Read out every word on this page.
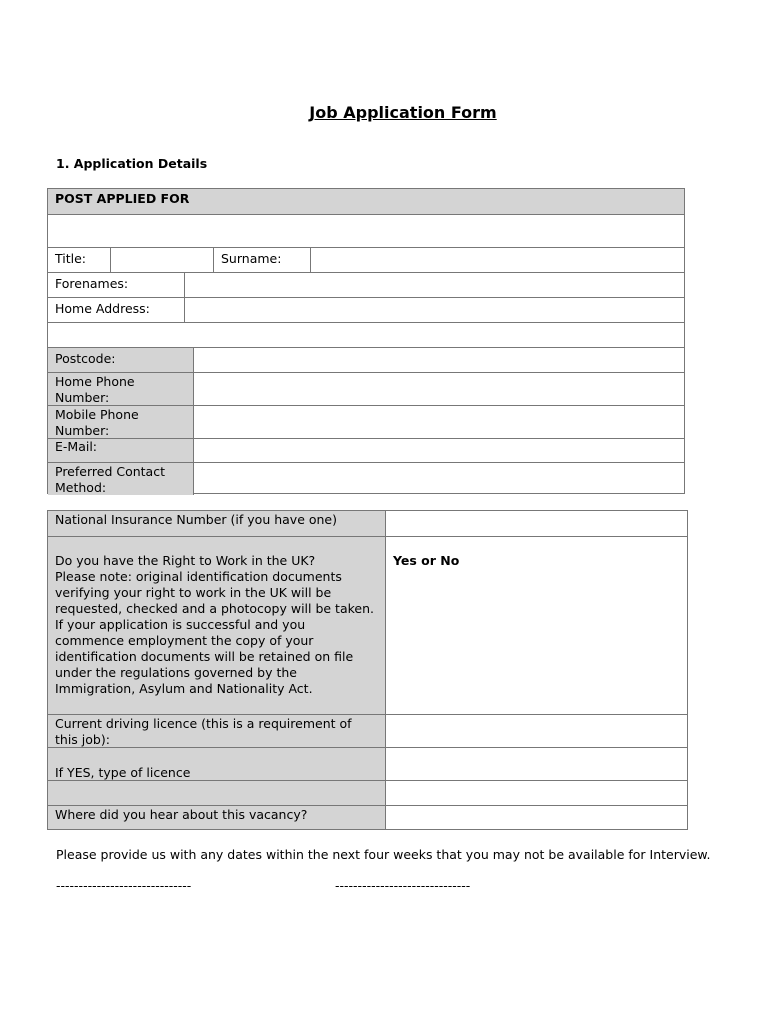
Job Application Form
1. Application Details
POST APPLIED FOR
Title:	Surname:
Forenames:
Home Address:
Postcode:
Home Phone Number:
Mobile Phone Number:
E-Mail:
Preferred Contact Method:
National Insurance Number (if you have one)
Do you have the Right to Work in the UK?
Please note: original identification documents verifying your right to work in the UK will be requested, checked and a photocopy will be taken. If your application is successful and you commence employment the copy of your identification documents will be retained on file under the regulations governed by the Immigration, Asylum and Nationality Act.
Yes or No
Current driving licence (this is a requirement of this job):
If YES, type of licence
Where did you hear about this vacancy?
Please provide us with any dates within the next four weeks that you may not be available for Interview.
------------------------------	------------------------------
